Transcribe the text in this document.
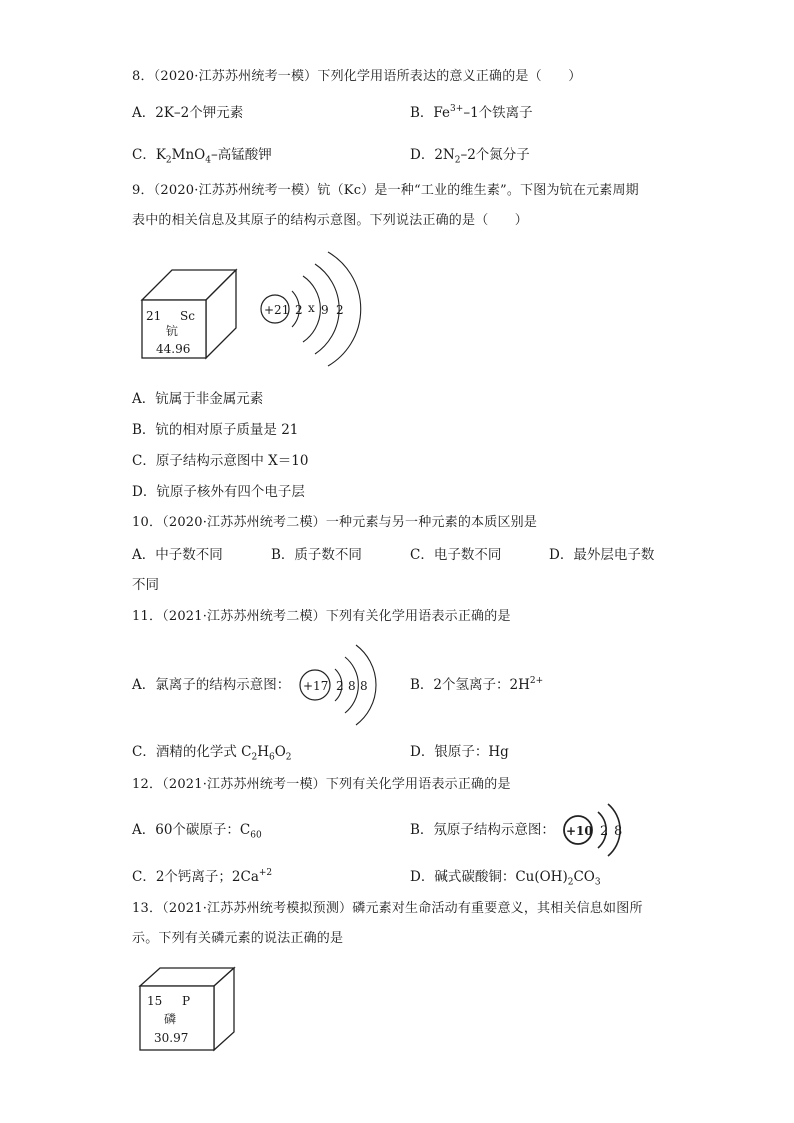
8．（2020·江苏苏州统考一模）下列化学用语所表达的意义正确的是（　　）
A．2K–2个钾元素	B．$Fe^{3+}-1$个铁离子
C．$K_2MnO_4-$高锰酸钾	D．$2N_2-2$个氮分子
9．（2020·江苏苏州统考一模）钪（Kc）是一种“工业的维生素”。下图为钪在元素周期
表中的相关信息及其原子的结构示意图。下列说法正确的是（　　）
21 Sc
钪
44.96
+21 2 x 9 2
A．钪属于非金属元素
B．钪的相对原子质量是 21
C．原子结构示意图中 X＝10
D．钪原子核外有四个电子层
10．（2020·江苏苏州统考二模）一种元素与另一种元素的本质区别是
A．中子数不同	B．质子数不同	C．电子数不同	D．最外层电子数
不同
11．（2021·江苏苏州统考二模）下列有关化学用语表示正确的是
A．氯离子的结构示意图： +17 2 8 8	B．2个氢离子：$2H^{2+}$
C．酒精的化学式 $C_2H_6O_2$	D．银原子：Hg
12．（2021·江苏苏州统考一模）下列有关化学用语表示正确的是
A．60个碳原子：$C_{60}$	B．氖原子结构示意图： +10 2 8
C．2个钙离子；$2Ca^{+2}$	D．碱式碳酸铜：$Cu(OH)_2CO_3$
13．（2021·江苏苏州统考模拟预测）磷元素对生命活动有重要意义，其相关信息如图所
示。下列有关磷元素的说法正确的是
15 P
磷
30.97
